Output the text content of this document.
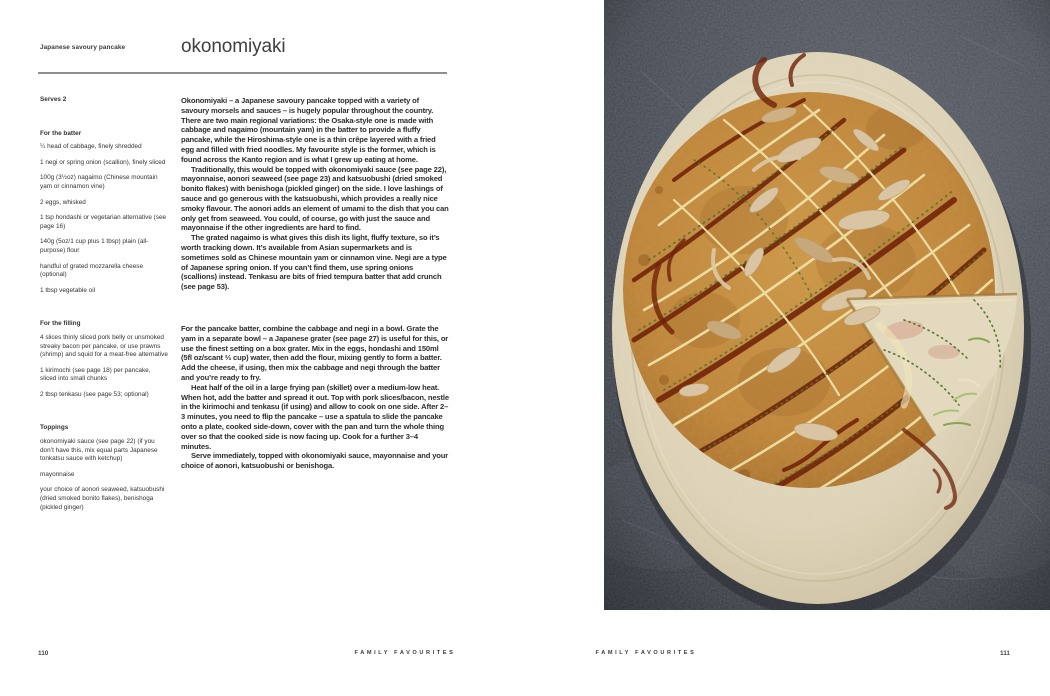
Japanese savoury pancake	okonomiyaki

Serves 2

For the batter

¼ head of cabbage, finely shredded

1 negi or spring onion (scallion), finely sliced

100g (3½oz) nagaimo (Chinese mountain yam or cinnamon vine)

2 eggs, whisked

1 tsp hondashi or vegetarian alternative (see page 16)

140g (5oz/1 cup plus 1 tbsp) plain (all-purpose) flour

handful of grated mozzarella cheese (optional)

1 tbsp vegetable oil

For the filling

4 slices thinly sliced pork belly or unsmoked streaky bacon per pancake, or use prawns (shrimp) and squid for a meat-free alternative

1 kirimochi (see page 18) per pancake, sliced into small chunks

2 tbsp tenkasu (see page 53; optional)

Toppings

okonomiyaki sauce (see page 22) (if you don’t have this, mix equal parts Japanese tonkatsu sauce with ketchup)

mayonnaise

your choice of aonori seaweed, katsuobushi (dried smoked bonito flakes), benishoga (pickled ginger)

Okonomiyaki – a Japanese savoury pancake topped with a variety of savoury morsels and sauces – is hugely popular throughout the country. There are two main regional variations: the Osaka-style one is made with cabbage and nagaimo (mountain yam) in the batter to provide a fluffy pancake, while the Hiroshima-style one is a thin crêpe layered with a fried egg and filled with fried noodles. My favourite style is the former, which is found across the Kanto region and is what I grew up eating at home.

Traditionally, this would be topped with okonomiyaki sauce (see page 22), mayonnaise, aonori seaweed (see page 23) and katsuobushi (dried smoked bonito flakes) with benishoga (pickled ginger) on the side. I love lashings of sauce and go generous with the katsuobushi, which provides a really nice smoky flavour. The aonori adds an element of umami to the dish that you can only get from seaweed. You could, of course, go with just the sauce and mayonnaise if the other ingredients are hard to find.

The grated nagaimo is what gives this dish its light, fluffy texture, so it’s worth tracking down. It’s available from Asian supermarkets and is sometimes sold as Chinese mountain yam or cinnamon vine. Negi are a type of Japanese spring onion. If you can’t find them, use spring onions (scallions) instead. Tenkasu are bits of fried tempura batter that add crunch (see page 53).

For the pancake batter, combine the cabbage and negi in a bowl. Grate the yam in a separate bowl – a Japanese grater (see page 27) is useful for this, or use the finest setting on a box grater. Mix in the eggs, hondashi and 150ml (5fl oz/scant ⅔ cup) water, then add the flour, mixing gently to form a batter. Add the cheese, if using, then mix the cabbage and negi through the batter and you’re ready to fry.

Heat half of the oil in a large frying pan (skillet) over a medium-low heat. When hot, add the batter and spread it out. Top with pork slices/bacon, nestle in the kirimochi and tenkasu (if using) and allow to cook on one side. After 2–3 minutes, you need to flip the pancake – use a spatula to slide the pancake onto a plate, cooked side-down, cover with the pan and turn the whole thing over so that the cooked side is now facing up. Cook for a further 3–4 minutes.

Serve immediately, topped with okonomiyaki sauce, mayonnaise and your choice of aonori, katsuobushi or benishoga.

110	FAMILY FAVOURITES	FAMILY FAVOURITES	111
